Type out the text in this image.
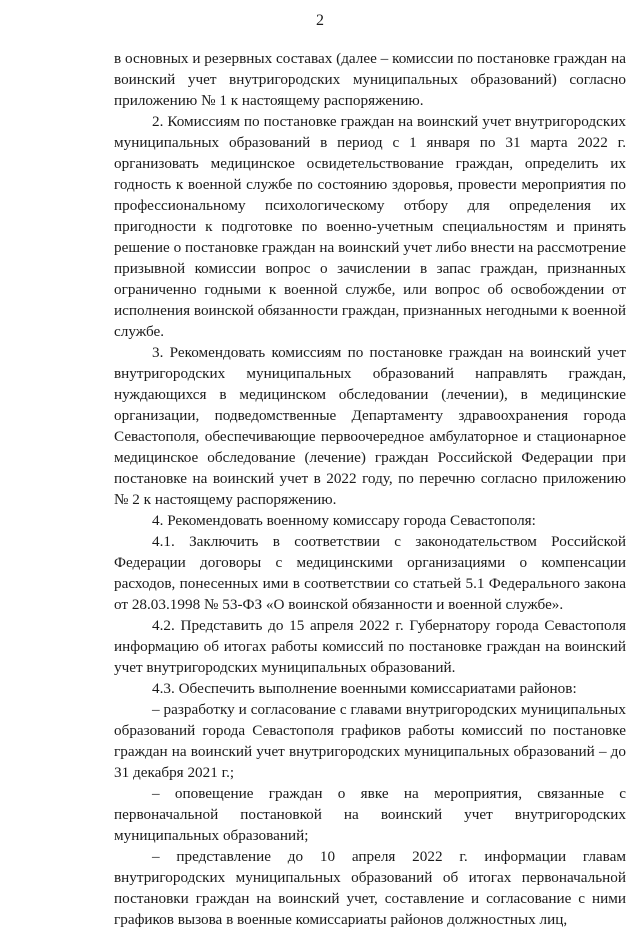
2

в основных и резервных составах (далее – комиссии по постановке граждан на воинский учет внутригородских муниципальных образований) согласно приложению № 1 к настоящему распоряжению.

2. Комиссиям по постановке граждан на воинский учет внутригородских муниципальных образований в период с 1 января по 31 марта 2022 г. организовать медицинское освидетельствование граждан, определить их годность к военной службе по состоянию здоровья, провести мероприятия по профессиональному психологическому отбору для определения их пригодности к подготовке по военно-учетным специальностям и принять решение о постановке граждан на воинский учет либо внести на рассмотрение призывной комиссии вопрос о зачислении в запас граждан, признанных ограниченно годными к военной службе, или вопрос об освобождении от исполнения воинской обязанности граждан, признанных негодными к военной службе.

3. Рекомендовать комиссиям по постановке граждан на воинский учет внутригородских муниципальных образований направлять граждан, нуждающихся в медицинском обследовании (лечении), в медицинские организации, подведомственные Департаменту здравоохранения города Севастополя, обеспечивающие первоочередное амбулаторное и стационарное медицинское обследование (лечение) граждан Российской Федерации при постановке на воинский учет в 2022 году, по перечню согласно приложению № 2 к настоящему распоряжению.

4. Рекомендовать военному комиссару города Севастополя:

4.1. Заключить в соответствии с законодательством Российской Федерации договоры с медицинскими организациями о компенсации расходов, понесенных ими в соответствии со статьей 5.1 Федерального закона от 28.03.1998 № 53-ФЗ «О воинской обязанности и военной службе».

4.2. Представить до 15 апреля 2022 г. Губернатору города Севастополя информацию об итогах работы комиссий по постановке граждан на воинский учет внутригородских муниципальных образований.

4.3. Обеспечить выполнение военными комиссариатами районов:

– разработку и согласование с главами внутригородских муниципальных образований города Севастополя графиков работы комиссий по постановке граждан на воинский учет внутригородских муниципальных образований – до 31 декабря 2021 г.;

– оповещение граждан о явке на мероприятия, связанные с первоначальной постановкой на воинский учет внутригородских муниципальных образований;

– представление до 10 апреля 2022 г. информации главам внутригородских муниципальных образований об итогах первоначальной постановки граждан на воинский учет, составление и согласование с ними графиков вызова в военные комиссариаты районов должностных лиц,
